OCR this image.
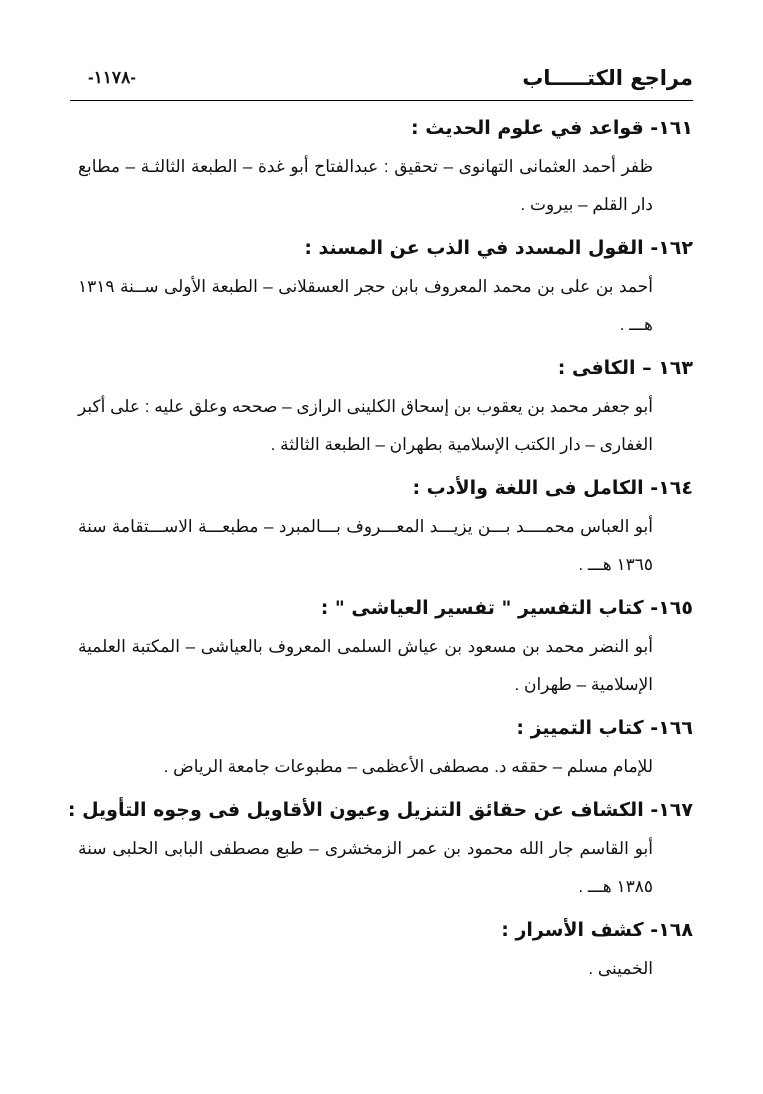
مراجع الكتـــــاب
-١١٧٨-
١٦١- قواعد في علوم الحديث :
ظفر أحمد العثمانى التهانوى – تحقيق : عبدالفتاح أبو غدة – الطبعة الثالثـة – مطابع دار القلم – بيروت .
١٦٢- القول المسدد في الذب عن المسند :
أحمد بن على بن محمد المعروف بابن حجر العسقلانى – الطبعة الأولى ســنة ١٣١٩ هـــ .
١٦٣ – الكافى :
أبو جعفر محمد بن يعقوب بن إسحاق الكلينى الرازى – صححه وعلق عليه : على أكبر الغفارى – دار الكتب الإسلامية بطهران – الطبعة الثالثة .
١٦٤- الكامل فى اللغة والأدب :
أبو العباس محمــــد بـــن يزيـــد المعـــروف بـــالمبرد – مطبعـــة الاســـتقامة سنة ١٣٦٥ هـــ .
١٦٥- كتاب التفسير " تفسير العياشى " :
أبو النضر محمد بن مسعود بن عياش السلمى المعروف بالعياشى – المكتبة العلمية الإسلامية – طهران .
١٦٦- كتاب التمييز :
للإمام مسلم – حققه د. مصطفى الأعظمى – مطبوعات جامعة الرياض .
١٦٧- الكشاف عن حقائق التنزيل وعيون الأقاويل فى وجوه التأويل :
أبو القاسم جار الله محمود بن عمر الزمخشرى – طبع مصطفى البابى الحلبى سنة ١٣٨٥ هـــ .
١٦٨- كشف الأسرار :
الخمينى .
